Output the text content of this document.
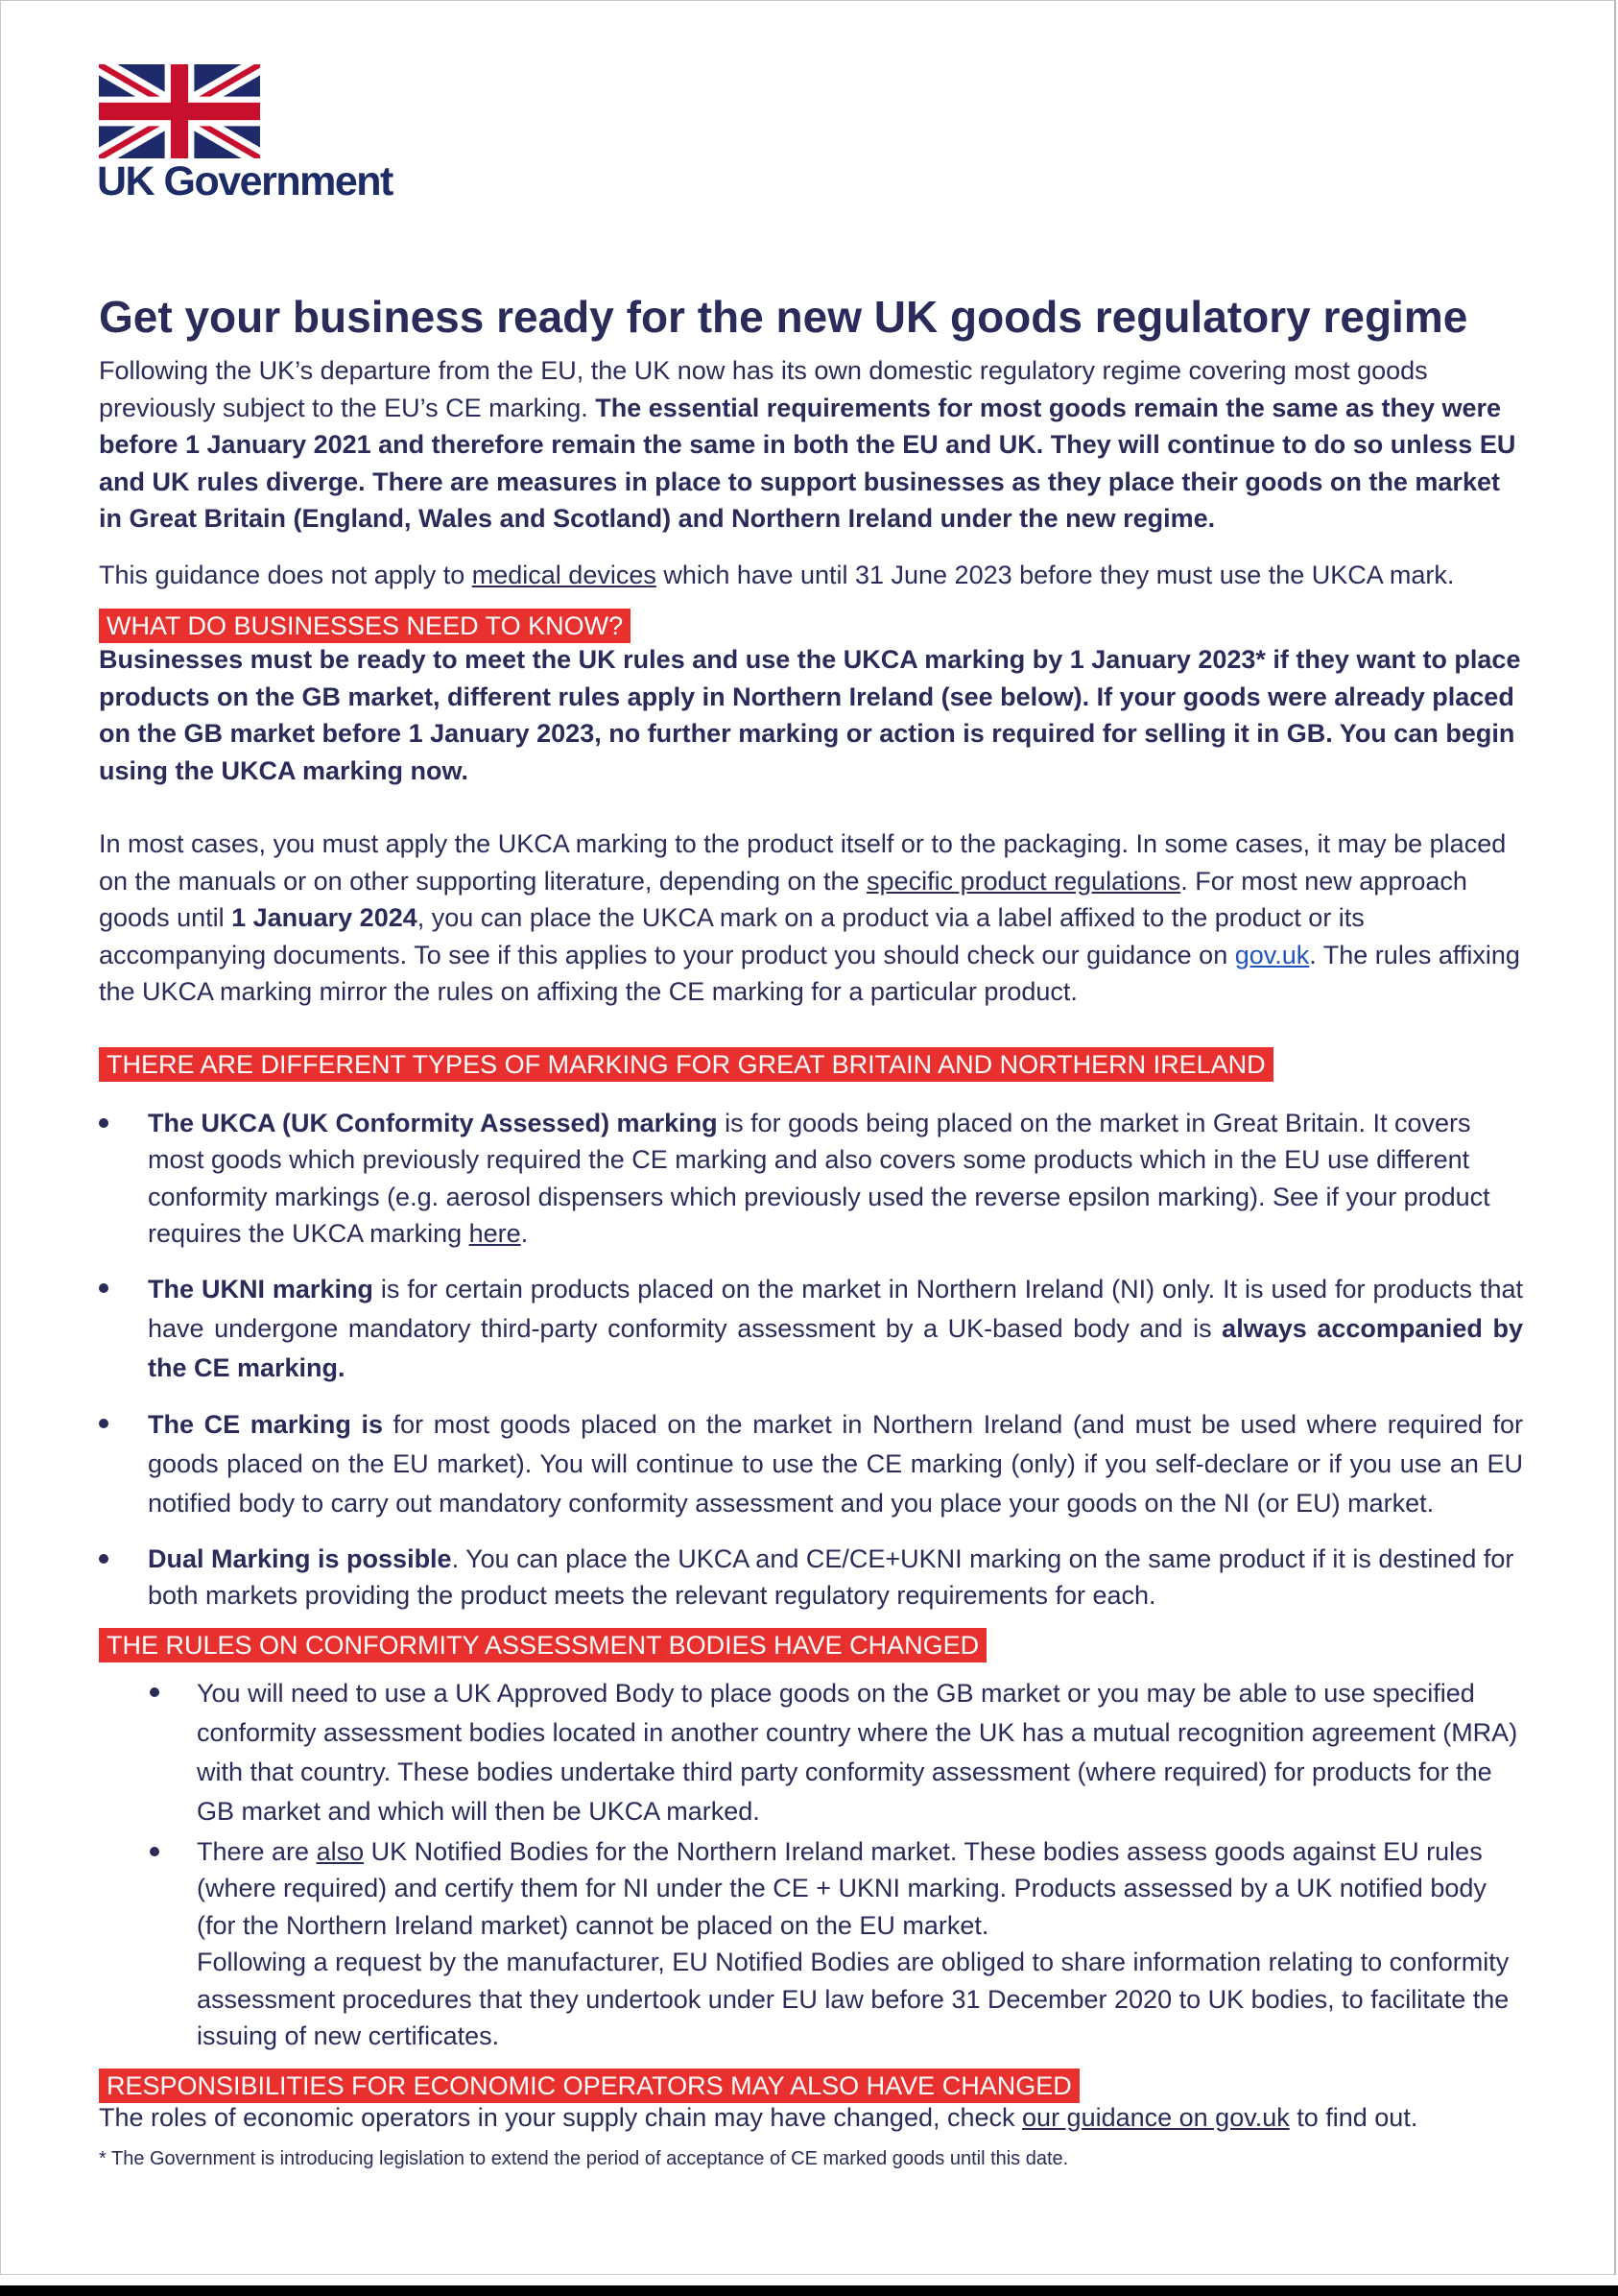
UK Government
Get your business ready for the new UK goods regulatory regime

Following the UK’s departure from the EU, the UK now has its own domestic regulatory regime covering most goods previously subject to the EU’s CE marking. The essential requirements for most goods remain the same as they were before 1 January 2021 and therefore remain the same in both the EU and UK. They will continue to do so unless EU and UK rules diverge. There are measures in place to support businesses as they place their goods on the market in Great Britain (England, Wales and Scotland) and Northern Ireland under the new regime.

This guidance does not apply to medical devices which have until 31 June 2023 before they must use the UKCA mark.

WHAT DO BUSINESSES NEED TO KNOW?

Businesses must be ready to meet the UK rules and use the UKCA marking by 1 January 2023* if they want to place products on the GB market, different rules apply in Northern Ireland (see below). If your goods were already placed on the GB market before 1 January 2023, no further marking or action is required for selling it in GB. You can begin using the UKCA marking now.

In most cases, you must apply the UKCA marking to the product itself or to the packaging. In some cases, it may be placed on the manuals or on other supporting literature, depending on the specific product regulations. For most new approach goods until 1 January 2024, you can place the UKCA mark on a product via a label affixed to the product or its accompanying documents. To see if this applies to your product you should check our guidance on gov.uk. The rules affixing the UKCA marking mirror the rules on affixing the CE marking for a particular product.

THERE ARE DIFFERENT TYPES OF MARKING FOR GREAT BRITAIN AND NORTHERN IRELAND
The UKCA (UK Conformity Assessed) marking is for goods being placed on the market in Great Britain. It covers most goods which previously required the CE marking and also covers some products which in the EU use different conformity markings (e.g. aerosol dispensers which previously used the reverse epsilon marking). See if your product requires the UKCA marking here.
The UKNI marking is for certain products placed on the market in Northern Ireland (NI) only. It is used for products that have undergone mandatory third-party conformity assessment by a UK-based body and is always accompanied by the CE marking.
The CE marking is for most goods placed on the market in Northern Ireland (and must be used where required for goods placed on the EU market). You will continue to use the CE marking (only) if you self-declare or if you use an EU notified body to carry out mandatory conformity assessment and you place your goods on the NI (or EU) market.
Dual Marking is possible. You can place the UKCA and CE/CE+UKNI marking on the same product if it is destined for both markets providing the product meets the relevant regulatory requirements for each.
THE RULES ON CONFORMITY ASSESSMENT BODIES HAVE CHANGED
You will need to use a UK Approved Body to place goods on the GB market or you may be able to use specified conformity assessment bodies located in another country where the UK has a mutual recognition agreement (MRA) with that country. These bodies undertake third party conformity assessment (where required) for products for the GB market and which will then be UKCA marked.
There are also UK Notified Bodies for the Northern Ireland market. These bodies assess goods against EU rules (where required) and certify them for NI under the CE + UKNI marking. Products assessed by a UK notified body (for the Northern Ireland market) cannot be placed on the EU market.
Following a request by the manufacturer, EU Notified Bodies are obliged to share information relating to conformity assessment procedures that they undertook under EU law before 31 December 2020 to UK bodies, to facilitate the issuing of new certificates.
RESPONSIBILITIES FOR ECONOMIC OPERATORS MAY ALSO HAVE CHANGED

The roles of economic operators in your supply chain may have changed, check our guidance on gov.uk to find out.

* The Government is introducing legislation to extend the period of acceptance of CE marked goods until this date.
